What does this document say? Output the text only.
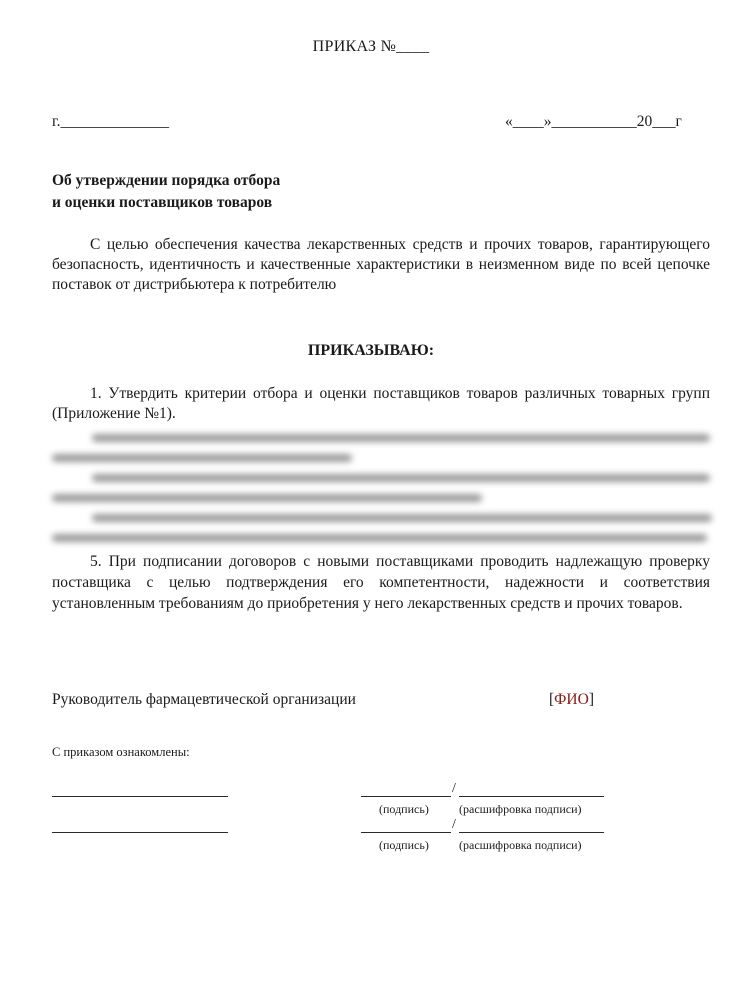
ПРИКАЗ №____
г.______________	«____»___________20___г
Об утверждении порядка отбора
и оценки поставщиков товаров
С целью обеспечения качества лекарственных средств и прочих товаров, гарантирующего безопасность, идентичность и качественные характеристики в неизменном виде по всей цепочке поставок от дистрибьютера к потребителю
ПРИКАЗЫВАЮ:
1. Утвердить критерии отбора и оценки поставщиков товаров различных товарных групп (Приложение №1).
5. При подписании договоров с новыми поставщиками проводить надлежащую проверку поставщика с целью подтверждения его компетентности, надежности и соответствия установленным требованиям до приобретения у него лекарственных средств и прочих товаров.
Руководитель фармацевтической организации	[ФИО]
С приказом ознакомлены:
/
(подпись)	(расшифровка подписи)
/
(подпись)	(расшифровка подписи)
